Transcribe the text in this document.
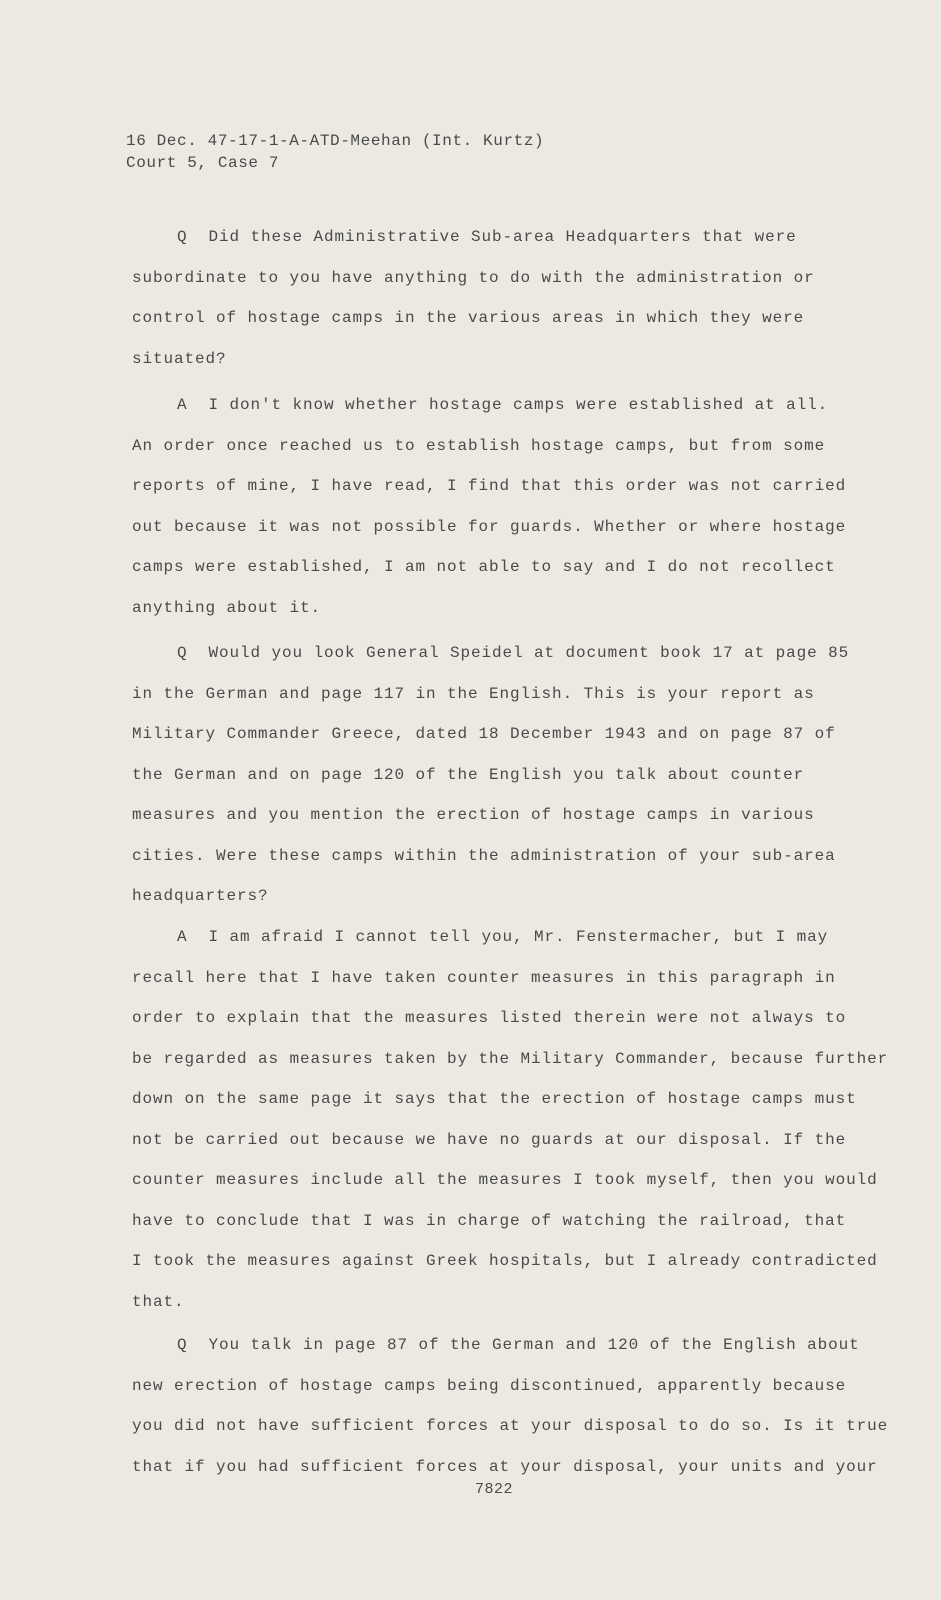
16 Dec. 47-17-1-A-ATD-Meehan (Int. Kurtz)
Court 5, Case 7
Q  Did these Administrative Sub-area Headquarters that were
subordinate to you have anything to do with the administration or
control of hostage camps in the various areas in which they were
situated?
A  I don't know whether hostage camps were established at all.
An order once reached us to establish hostage camps, but from some
reports of mine, I have read, I find that this order was not carried
out because it was not possible for guards. Whether or where hostage
camps were established, I am not able to say and I do not recollect
anything about it.
Q  Would you look General Speidel at document book 17 at page 85
in the German and page 117 in the English. This is your report as
Military Commander Greece, dated 18 December 1943 and on page 87 of
the German and on page 120 of the English you talk about counter
measures and you mention the erection of hostage camps in various
cities. Were these camps within the administration of your sub-area
headquarters?
A  I am afraid I cannot tell you, Mr. Fenstermacher, but I may
recall here that I have taken counter measures in this paragraph in
order to explain that the measures listed therein were not always to
be regarded as measures taken by the Military Commander, because further
down on the same page it says that the erection of hostage camps must
not be carried out because we have no guards at our disposal. If the
counter measures include all the measures I took myself, then you would
have to conclude that I was in charge of watching the railroad, that
I took the measures against Greek hospitals, but I already contradicted
that.
Q  You talk in page 87 of the German and 120 of the English about
new erection of hostage camps being discontinued, apparently because
you did not have sufficient forces at your disposal to do so. Is it true
that if you had sufficient forces at your disposal, your units and your
7822
